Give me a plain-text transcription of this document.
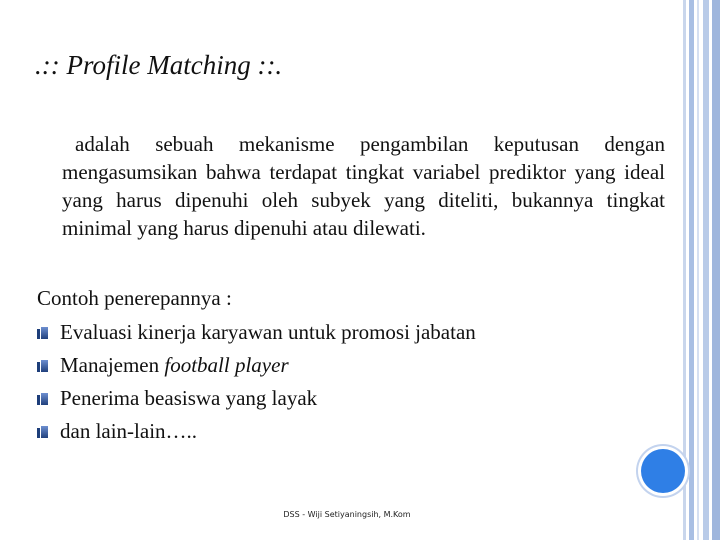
.:: Profile Matching ::.

adalah sebuah mekanisme pengambilan keputusan dengan mengasumsikan bahwa terdapat tingkat variabel prediktor yang ideal yang harus dipenuhi oleh subyek yang diteliti, bukannya tingkat minimal yang harus dipenuhi atau dilewati.

Contoh penerepannya :

Evaluasi kinerja karyawan untuk promosi jabatan
Manajemen football player
Penerima beasiswa yang layak
dan lain-lain…..
DSS - Wiji Setiyaningsih, M.Kom
